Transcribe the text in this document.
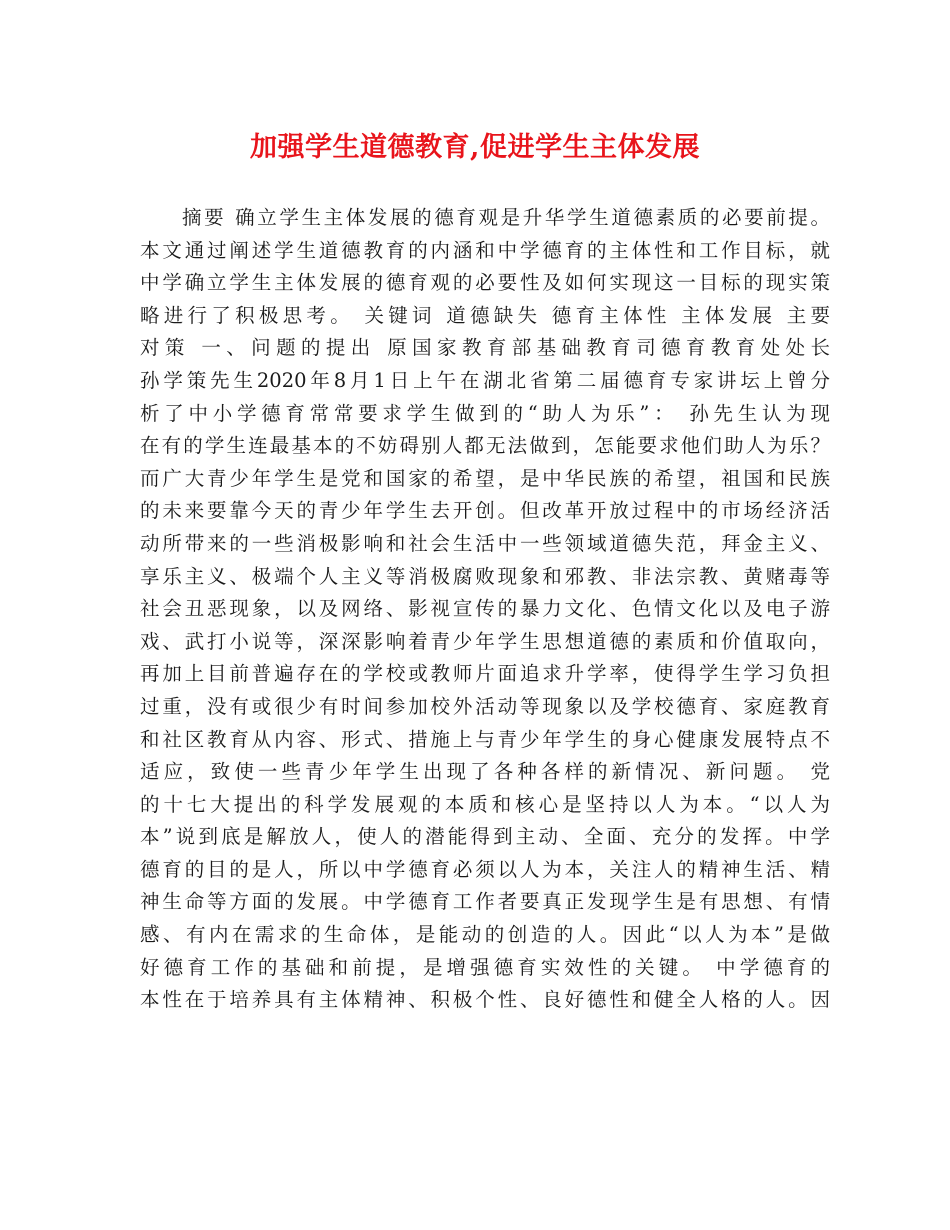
加强学生道德教育,促进学生主体发展
摘要 确立学生主体发展的德育观是升华学生道德素质的必要前提。
本文通过阐述学生道德教育的内涵和中学德育的主体性和工作目标，就
中学确立学生主体发展的德育观的必要性及如何实现这一目标的现实策
略进行了积极思考。 关键词 道德缺失 德育主体性 主体发展 主要
对策 一、问题的提出 原国家教育部基础教育司德育教育处处长
孙学策先生2020年8月1日上午在湖北省第二届德育专家讲坛上曾分
析了中小学德育常常要求学生做到的“助人为乐”： 孙先生认为现
在有的学生连最基本的不妨碍别人都无法做到，怎能要求他们助人为乐？
而广大青少年学生是党和国家的希望，是中华民族的希望，祖国和民族
的未来要靠今天的青少年学生去开创。但改革开放过程中的市场经济活
动所带来的一些消极影响和社会生活中一些领域道德失范，拜金主义、
享乐主义、极端个人主义等消极腐败现象和邪教、非法宗教、黄赌毒等
社会丑恶现象，以及网络、影视宣传的暴力文化、色情文化以及电子游
戏、武打小说等，深深影响着青少年学生思想道德的素质和价值取向，
再加上目前普遍存在的学校或教师片面追求升学率，使得学生学习负担
过重，没有或很少有时间参加校外活动等现象以及学校德育、家庭教育
和社区教育从内容、形式、措施上与青少年学生的身心健康发展特点不
适应，致使一些青少年学生出现了各种各样的新情况、新问题。 党
的十七大提出的科学发展观的本质和核心是坚持以人为本。“以人为
本”说到底是解放人，使人的潜能得到主动、全面、充分的发挥。中学
德育的目的是人，所以中学德育必须以人为本，关注人的精神生活、精
神生命等方面的发展。中学德育工作者要真正发现学生是有思想、有情
感、有内在需求的生命体，是能动的创造的人。因此“以人为本”是做
好德育工作的基础和前提，是增强德育实效性的关键。 中学德育的
本性在于培养具有主体精神、积极个性、良好德性和健全人格的人。因
